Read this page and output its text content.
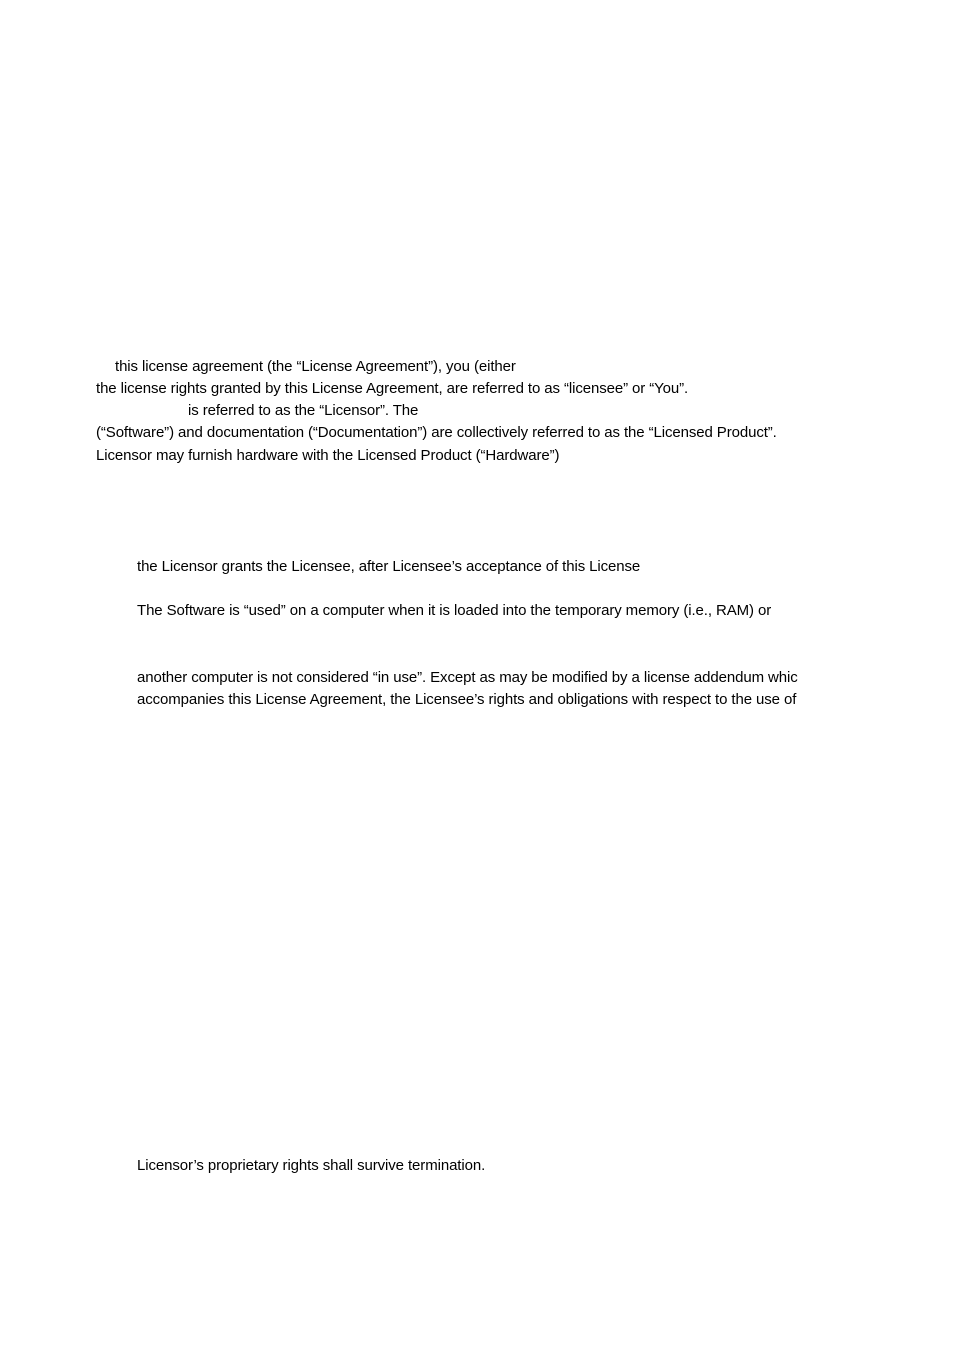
this license agreement (the “License Agreement”), you (either
the license rights granted by this License Agreement, are referred to as “licensee” or “You”.
is referred to as the “Licensor”. The
(“Software”) and documentation (“Documentation”) are collectively referred to as the “Licensed Product”.
Licensor may furnish hardware with the Licensed Product (“Hardware”)
the Licensor grants the Licensee, after Licensee’s acceptance of this License
The Software is “used” on a computer when it is loaded into the temporary memory (i.e., RAM) or
another computer is not considered “in use”. Except as may be modified by a license addendum whic
accompanies this License Agreement, the Licensee’s rights and obligations with respect to the use of
Licensor’s proprietary rights shall survive termination.
